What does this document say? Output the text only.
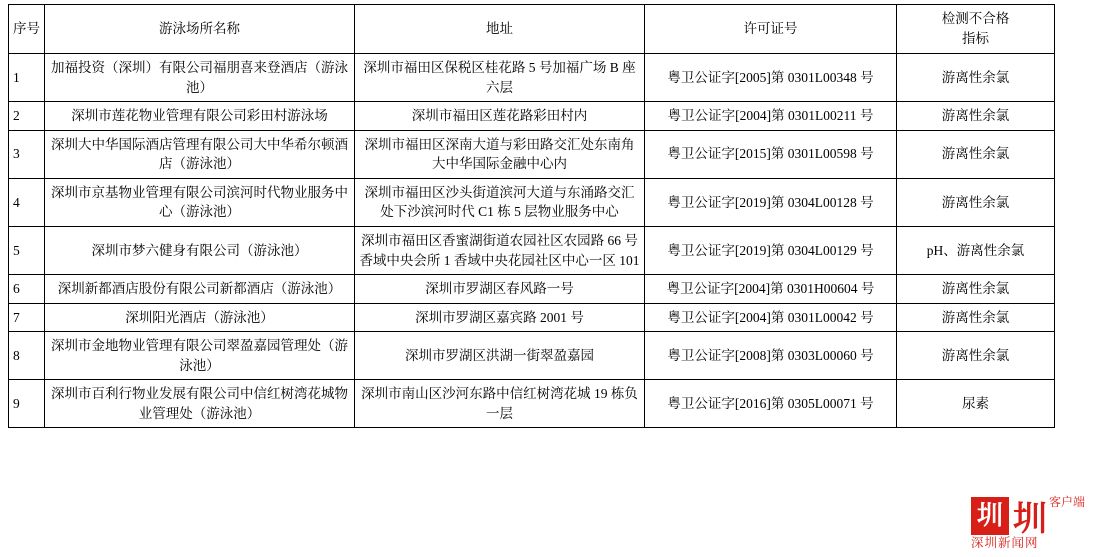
序号	游泳场所名称	地址	许可证号	检测不合格
指标

1	加福投资（深圳）有限公司福朋喜来登酒店（游泳池）	深圳市福田区保税区桂花路 5 号加福广场 B 座六层	粤卫公证字[2005]第 0301L00348 号	游离性余氯
2	深圳市莲花物业管理有限公司彩田村游泳场	深圳市福田区莲花路彩田村内	粤卫公证字[2004]第 0301L00211 号	游离性余氯
3	深圳大中华国际酒店管理有限公司大中华希尔顿酒店（游泳池）	深圳市福田区深南大道与彩田路交汇处东南角大中华国际金融中心内	粤卫公证字[2015]第 0301L00598 号	游离性余氯
4	深圳市京基物业管理有限公司滨河时代物业服务中心（游泳池）	深圳市福田区沙头街道滨河大道与东涌路交汇处下沙滨河时代 C1 栋 5 层物业服务中心	粤卫公证字[2019]第 0304L00128 号	游离性余氯
5	深圳市梦六健身有限公司（游泳池）	深圳市福田区香蜜湖街道农园社区农园路 66 号香域中央会所 1 香域中央花园社区中心一区 101	粤卫公证字[2019]第 0304L00129 号	pH、游离性余氯
6	深圳新都酒店股份有限公司新都酒店（游泳池）	深圳市罗湖区春风路一号	粤卫公证字[2004]第 0301H00604 号	游离性余氯
7	深圳阳光酒店（游泳池）	深圳市罗湖区嘉宾路 2001 号	粤卫公证字[2004]第 0301L00042 号	游离性余氯
8	深圳市金地物业管理有限公司翠盈嘉园管理处（游泳池）	深圳市罗湖区洪湖一街翠盈嘉园	粤卫公证字[2008]第 0303L00060 号	游离性余氯
9	深圳市百利行物业发展有限公司中信红树湾花城物业管理处（游泳池）	深圳市南山区沙河东路中信红树湾花城 19 栋负一层	粤卫公证字[2016]第 0305L00071 号	尿素
圳 圳 客户端
深圳新闻网
